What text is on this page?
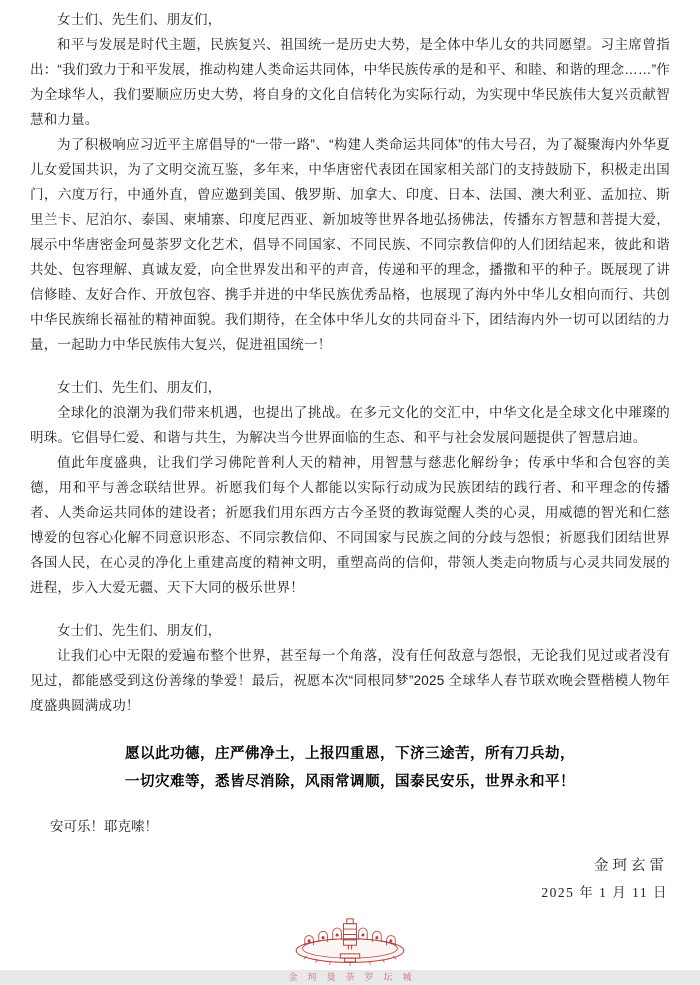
女士们、先生们、朋友们，

和平与发展是时代主题，民族复兴、祖国统一是历史大势，是全体中华儿女的共同愿望。习主席曾指出：“我们致力于和平发展，推动构建人类命运共同体，中华民族传承的是和平、和睦、和谐的理念……”作为全球华人，我们要顺应历史大势，将自身的文化自信转化为实际行动，为实现中华民族伟大复兴贡献智慧和力量。

为了积极响应习近平主席倡导的“一带一路”、“构建人类命运共同体”的伟大号召，为了凝聚海内外华夏儿女爱国共识，为了文明交流互鉴，多年来，中华唐密代表团在国家相关部门的支持鼓励下，积极走出国门，六度万行，中通外直，曾应邀到美国、俄罗斯、加拿大、印度、日本、法国、澳大利亚、孟加拉、斯里兰卡、尼泊尔、泰国、柬埔寨、印度尼西亚、新加坡等世界各地弘扬佛法，传播东方智慧和菩提大爱，展示中华唐密金珂曼荼罗文化艺术，倡导不同国家、不同民族、不同宗教信仰的人们团结起来，彼此和谐共处、包容理解、真诚友爱，向全世界发出和平的声音，传递和平的理念，播撒和平的种子。既展现了讲信修睦、友好合作、开放包容、携手并进的中华民族优秀品格，也展现了海内外中华儿女相向而行、共创中华民族绵长福祉的精神面貌。我们期待，在全体中华儿女的共同奋斗下，团结海内外一切可以团结的力量，一起助力中华民族伟大复兴，促进祖国统一！

女士们、先生们、朋友们，

全球化的浪潮为我们带来机遇，也提出了挑战。在多元文化的交汇中，中华文化是全球文化中璀璨的明珠。它倡导仁爱、和谐与共生，为解决当今世界面临的生态、和平与社会发展问题提供了智慧启迪。

值此年度盛典，让我们学习佛陀普利人天的精神，用智慧与慈悲化解纷争；传承中华和合包容的美德，用和平与善念联结世界。祈愿我们每个人都能以实际行动成为民族团结的践行者、和平理念的传播者、人类命运共同体的建设者；祈愿我们用东西方古今圣贤的教诲觉醒人类的心灵，用威德的智光和仁慈博爱的包容心化解不同意识形态、不同宗教信仰、不同国家与民族之间的分歧与怨恨；祈愿我们团结世界各国人民，在心灵的净化上重建高度的精神文明，重塑高尚的信仰，带领人类走向物质与心灵共同发展的进程，步入大爱无疆、天下大同的极乐世界！

女士们、先生们、朋友们，

让我们心中无限的爱遍布整个世界，甚至每一个角落，没有任何敌意与怨恨，无论我们见过或者没有见过，都能感受到这份善缘的挚爱！最后，祝愿本次“同根同梦”2025 全球华人春节联欢晚会暨楷模人物年度盛典圆满成功！

愿以此功德，庄严佛净土，上报四重恩，下济三途苦，所有刀兵劫，
一切灾难等，悉皆尽消除，风雨常调顺，国泰民安乐，世界永和平！

安可乐！耶克嗦！

金珂玄雷
2025 年 1 月 11 日
金珂曼荼罗坛城
